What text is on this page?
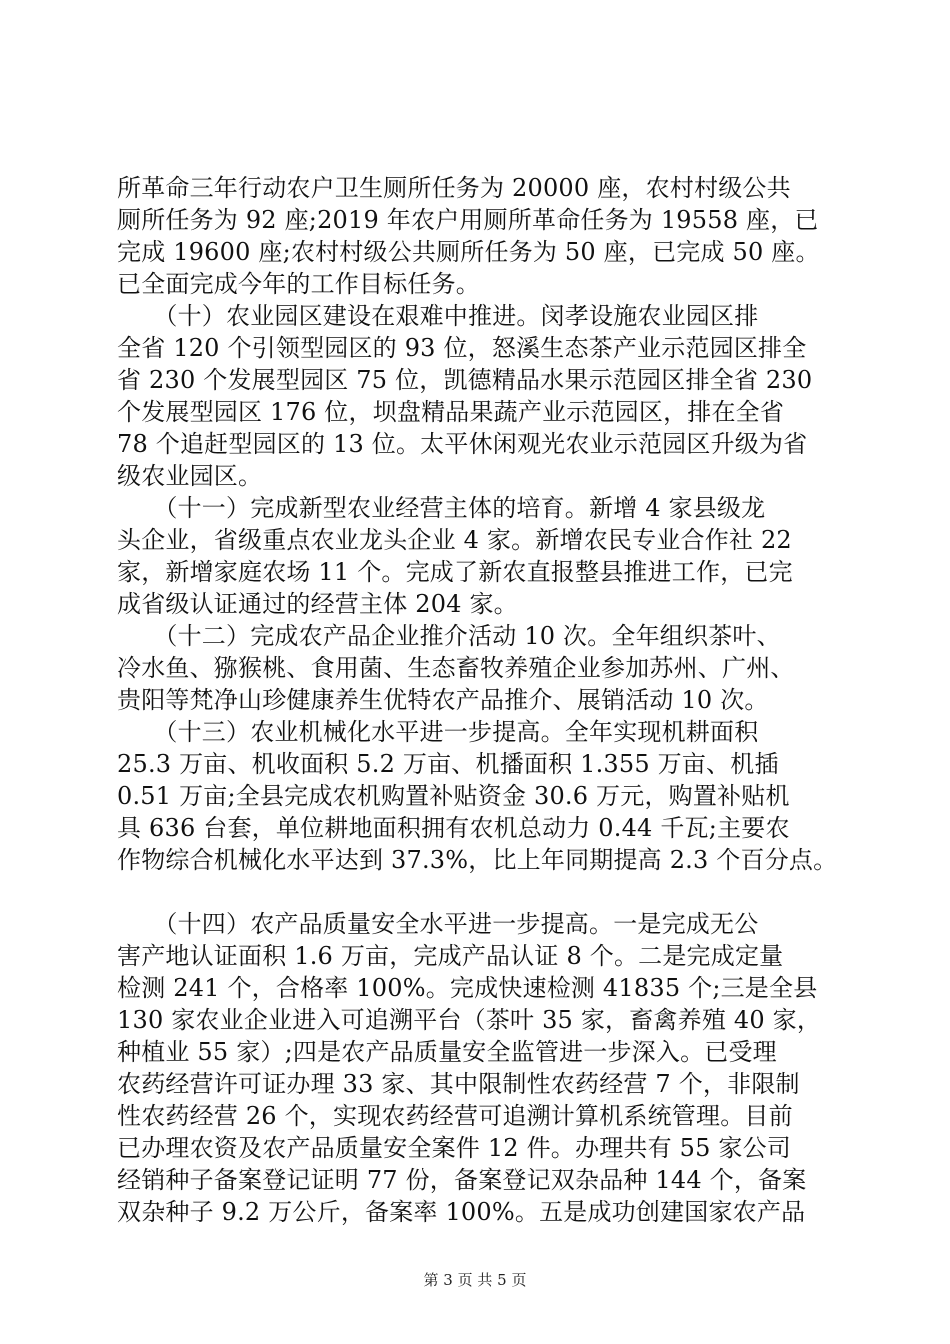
所革命三年行动农户卫生厕所任务为 20000 座，农村村级公共
厕所任务为 92 座;2019 年农户用厕所革命任务为 19558 座，已
完成 19600 座;农村村级公共厕所任务为 50 座，已完成 50 座。
已全面完成今年的工作目标任务。
　　（十）农业园区建设在艰难中推进。闵孝设施农业园区排
全省 120 个引领型园区的 93 位，怒溪生态茶产业示范园区排全
省 230 个发展型园区 75 位，凯德精品水果示范园区排全省 230
个发展型园区 176 位，坝盘精品果蔬产业示范园区，排在全省
78 个追赶型园区的 13 位。太平休闲观光农业示范园区升级为省
级农业园区。
　　（十一）完成新型农业经营主体的培育。新增 4 家县级龙
头企业，省级重点农业龙头企业 4 家。新增农民专业合作社 22
家，新增家庭农场 11 个。完成了新农直报整县推进工作，已完
成省级认证通过的经营主体 204 家。
　　（十二）完成农产品企业推介活动 10 次。全年组织茶叶、
冷水鱼、猕猴桃、食用菌、生态畜牧养殖企业参加苏州、广州、
贵阳等梵净山珍健康养生优特农产品推介、展销活动 10 次。
　　（十三）农业机械化水平进一步提高。全年实现机耕面积
25.3 万亩、机收面积 5.2 万亩、机播面积 1.355 万亩、机插
0.51 万亩;全县完成农机购置补贴资金 30.6 万元，购置补贴机
具 636 台套，单位耕地面积拥有农机总动力 0.44 千瓦;主要农
作物综合机械化水平达到 37.3%，比上年同期提高 2.3 个百分点。
　　（十四）农产品质量安全水平进一步提高。一是完成无公
害产地认证面积 1.6 万亩，完成产品认证 8 个。二是完成定量
检测 241 个，合格率 100%。完成快速检测 41835 个;三是全县
130 家农业企业进入可追溯平台（茶叶 35 家，畜禽养殖 40 家，
种植业 55 家）;四是农产品质量安全监管进一步深入。已受理
农药经营许可证办理 33 家、其中限制性农药经营 7 个，非限制
性农药经营 26 个，实现农药经营可追溯计算机系统管理。目前
已办理农资及农产品质量安全案件 12 件。办理共有 55 家公司
经销种子备案登记证明 77 份，备案登记双杂品种 144 个，备案
双杂种子 9.2 万公斤，备案率 100%。五是成功创建国家农产品
第 3 页 共 5 页
